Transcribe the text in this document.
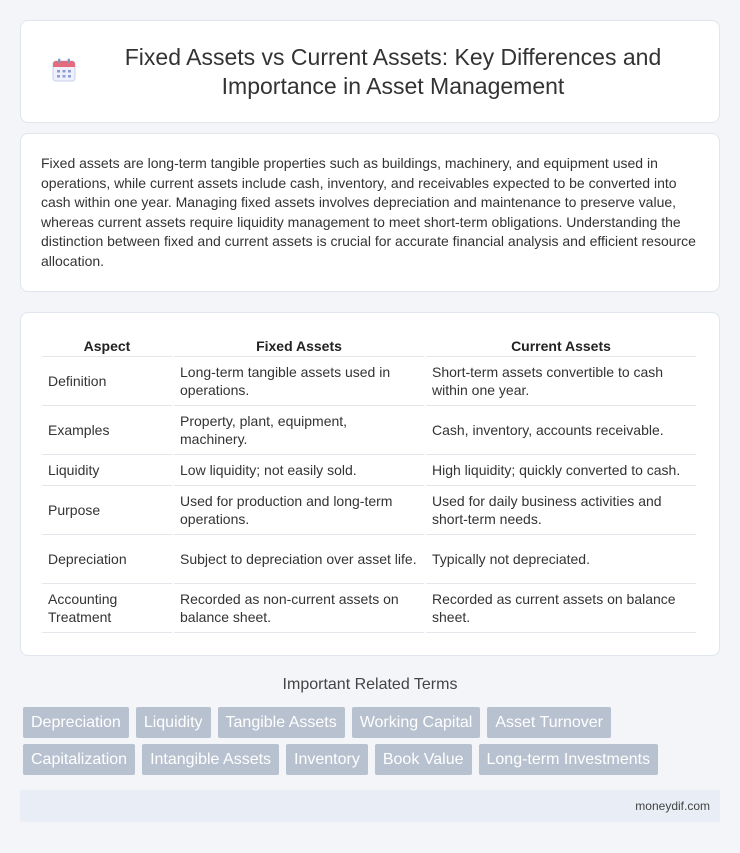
Fixed Assets vs Current Assets: Key Differences and Importance in Asset Management

Fixed assets are long-term tangible properties such as buildings, machinery, and equipment used in operations, while current assets include cash, inventory, and receivables expected to be converted into cash within one year. Managing fixed assets involves depreciation and maintenance to preserve value, whereas current assets require liquidity management to meet short-term obligations. Understanding the distinction between fixed and current assets is crucial for accurate financial analysis and efficient resource allocation.

Aspect	Fixed Assets	Current Assets
Definition	Long-term tangible assets used in operations.	Short-term assets convertible to cash within one year.
Examples	Property, plant, equipment, machinery.	Cash, inventory, accounts receivable.
Liquidity	Low liquidity; not easily sold.	High liquidity; quickly converted to cash.
Purpose	Used for production and long-term operations.	Used for daily business activities and short-term needs.
Depreciation	Subject to depreciation over asset life.	Typically not depreciated.
Accounting Treatment	Recorded as non-current assets on balance sheet.	Recorded as current assets on balance sheet.
Important Related Terms
Depreciation	Liquidity	Tangible Assets	Working Capital	Asset Turnover
Capitalization	Intangible Assets	Inventory	Book Value	Long-term Investments
moneydif.com
